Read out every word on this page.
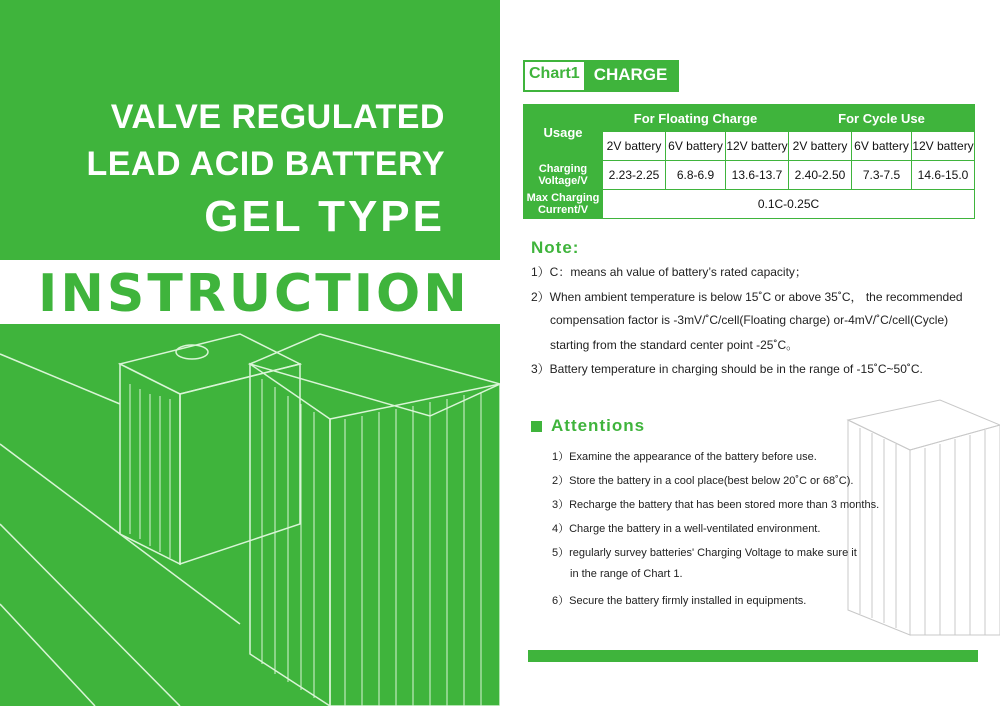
VALVE REGULATED
LEAD ACID BATTERY
GEL TYPE
INSTRUCTION
Chart1 CHARGE
Usage	For Floating Charge			For Cycle Use		
	2V battery	6V battery	12V battery	2V battery	6V battery	12V battery
Charging Voltage/V	2.23-2.25	6.8-6.9	13.6-13.7	2.40-2.50	7.3-7.5	14.6-15.0
Max Charging Current/V	0.1C-0.25C					
Note:
1）C：means ah value of battery’s rated capacity；
2）When ambient temperature is below 15˚C or above 35˚C， the recommended
compensation factor is -3mV/˚C/cell(Floating charge) or-4mV/˚C/cell(Cycle)
starting from the standard center point -25˚C。
3）Battery temperature in charging should be in the range of -15˚C~50˚C.
Attentions
1）Examine the appearance of the battery before use.
2）Store the battery in a cool place(best below 20˚C or 68˚C).
3）Recharge the battery that has been stored more than 3 months.
4）Charge the battery in a well-ventilated environment.
5）regularly survey batteries' Charging Voltage to make sure it
in the range of Chart 1.
6）Secure the battery firmly installed in equipments.
